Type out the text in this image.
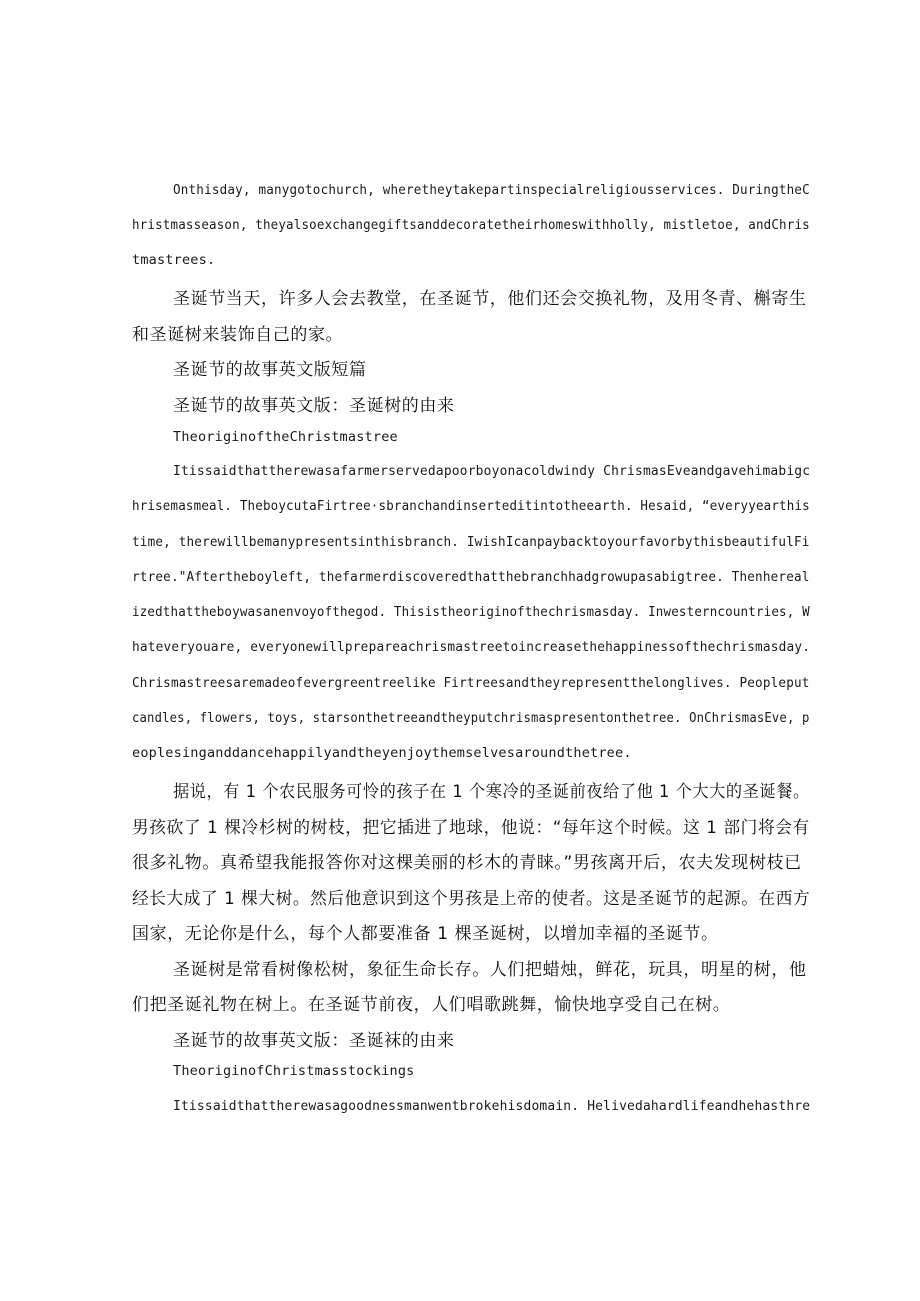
Onthisday, manygotochurch, wheretheytakepartinspecialreligiousservices. DuringtheC
hristmasseason, theyalsoexchangegiftsanddecoratetheirhomeswithholly, mistletoe, andChris
tmastrees.
圣诞节当天，许多人会去教堂，在圣诞节，他们还会交换礼物，及用冬青、槲寄生
和圣诞树来装饰自己的家。
圣诞节的故事英文版短篇
圣诞节的故事英文版：圣诞树的由来
TheoriginoftheChristmastree
Itissaidthattherewasafarmerservedapoorboyonacoldwindy ChrismasEveandgavehimabigc
hrisemasmeal. TheboycutaFirtree·sbranchandinserteditintotheearth. Hesaid, “everyyearthis
time, therewillbemanypresentsinthisbranch. IwishIcanpaybacktoyourfavorbythisbeautifulFi
rtree."Aftertheboyleft, thefarmerdiscoveredthatthebranchhadgrowupasabigtree. Thenhereal
izedthattheboywasanenvoyofthegod. Thisistheoriginofthechrismasday. Inwesterncountries, W
hateveryouare, everyonewillprepareachrismastreetoincreasethehappinessofthechrismasday.
Chrismastreesaremadeofevergreentreelike Firtreesandtheyrepresentthelonglives. Peopleput
candles, flowers, toys, starsonthetreeandtheyputchrismaspresentonthetree. OnChrismasEve, p
eoplesinganddancehappilyandtheyenjoythemselvesaroundthetree.
据说，有 1 个农民服务可怜的孩子在 1 个寒冷的圣诞前夜给了他 1 个大大的圣诞餐。
男孩砍了 1 棵冷杉树的树枝，把它插进了地球，他说：“每年这个时候。这 1 部门将会有
很多礼物。真希望我能报答你对这棵美丽的杉木的青睐。”男孩离开后，农夫发现树枝已
经长大成了 1 棵大树。然后他意识到这个男孩是上帝的使者。这是圣诞节的起源。在西方
国家，无论你是什么，每个人都要准备 1 棵圣诞树，以增加幸福的圣诞节。
圣诞树是常看树像松树，象征生命长存。人们把蜡烛，鲜花，玩具，明星的树，他
们把圣诞礼物在树上。在圣诞节前夜，人们唱歌跳舞，愉快地享受自己在树。
圣诞节的故事英文版：圣诞袜的由来
TheoriginofChristmasstockings
Itissaidthattherewasagoodnessmanwentbrokehisdomain. Helivedahardlifeandhehasthre
